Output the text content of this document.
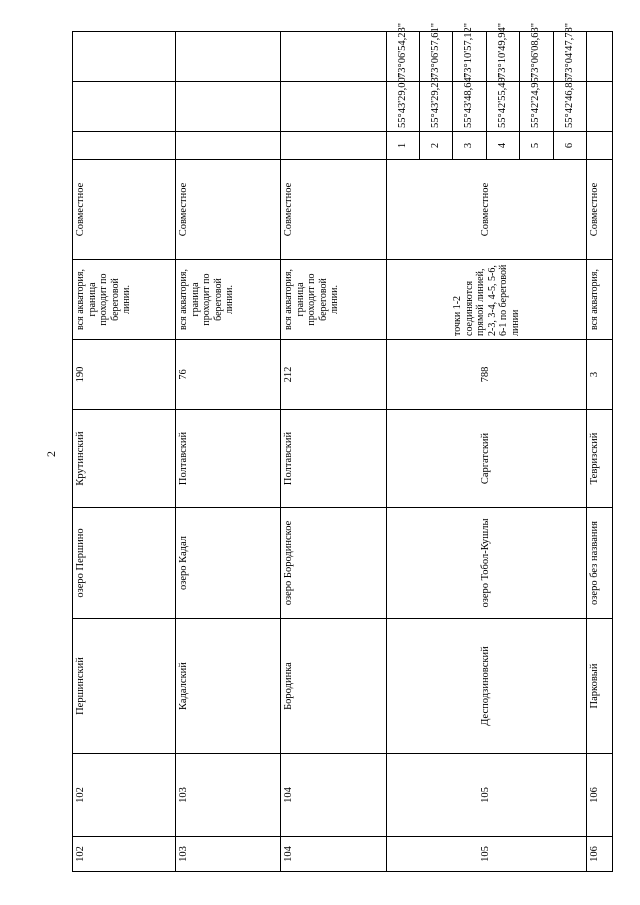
2
102	102	Першинский	озеро Першино	Крутинский	190	вся акватория, граница проходит по береговой линии.	Совместное			
103	103	Кадалский	озеро Кадал	Полтавский	76	вся акватория, граница проходит по береговой линии.	Совместное			
104	104	Бородинка	озеро Бородинское	Полтавский	212	вся акватория, граница проходит по береговой линии.	Совместное			
105	105	Десподзиновский	озеро Тобол-Кушлы	Саргатский	788	точки 1-2 соединяются прямой линией, 2-3, 3-4, 4-5, 5-6, 6-1 по береговой линии	Совместное	1	55°43'29,00"	73°06'54,23"
								2	55°43'29,23"	73°06'57,61"
								3	55°43'48,64"	73°10'57,12"
								4	55°42'55,49"	73°10'49,94"
								5	55°42'24,95"	73°06'08,63"
								6	55°42'46,86"	73°04'47,78"
106	106	Парковый	озеро без названия	Тевризский	3	вся акватория,	Совместное			
